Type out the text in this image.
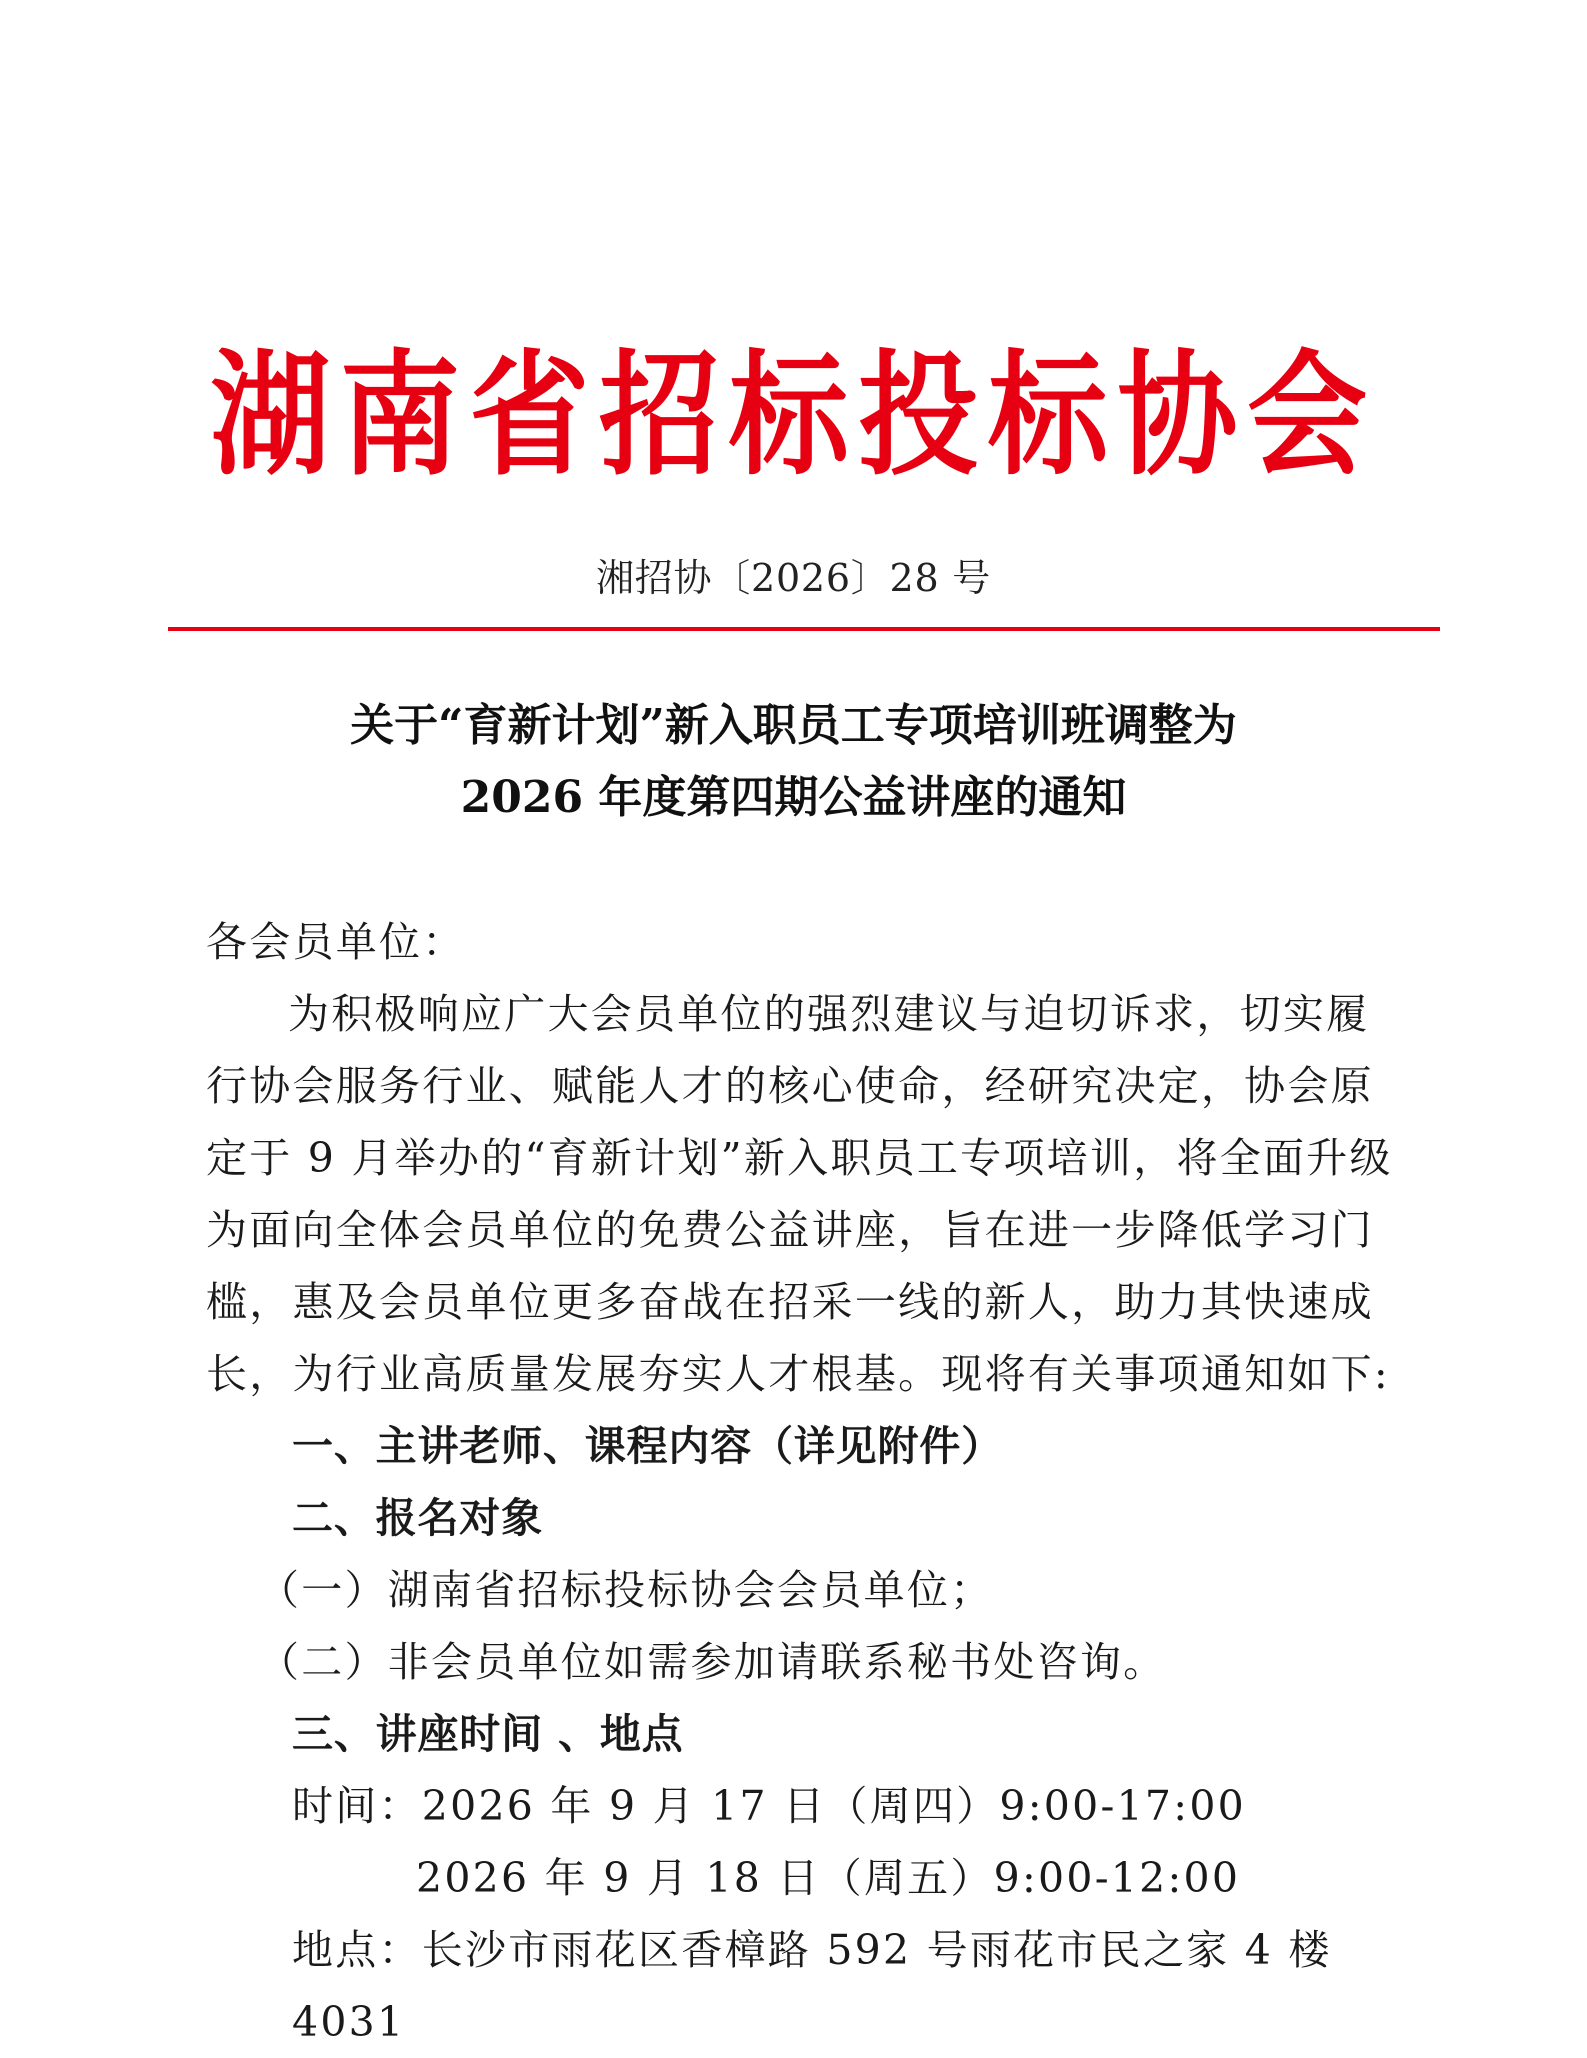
湖南省招标投标协会
湘招协〔2026〕28 号
关于“育新计划”新入职员工专项培训班调整为
2026 年度第四期公益讲座的通知

各会员单位：

为积极响应广大会员单位的强烈建议与迫切诉求，切实履行协会服务行业、赋能人才的核心使命，经研究决定，协会原定于 9 月举办的“育新计划”新入职员工专项培训，将全面升级为面向全体会员单位的免费公益讲座，旨在进一步降低学习门槛，惠及会员单位更多奋战在招采一线的新人，助力其快速成长，为行业高质量发展夯实人才根基。现将有关事项通知如下:

一、主讲老师、课程内容（详见附件）

二、报名对象

（一）湖南省招标投标协会会员单位；

（二）非会员单位如需参加请联系秘书处咨询。

三、讲座时间 、地点

时间：2026 年 9 月 17 日（周四）9:00-17:00

2026 年 9 月 18 日（周五）9:00-12:00

地点：长沙市雨花区香樟路 592 号雨花市民之家 4 楼 4031
